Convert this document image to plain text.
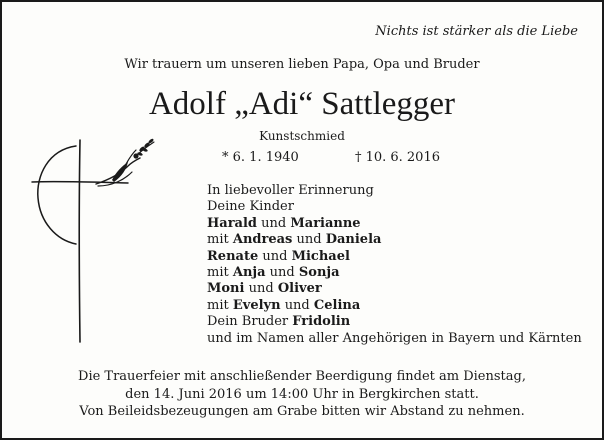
Nichts ist stärker als die Liebe
Wir trauern um unseren lieben Papa, Opa und Bruder
Adolf „Adi“ Sattlegger
Kunstschmied
* 6. 1. 1940	† 10. 6. 2016
In liebevoller Erinnerung
Deine Kinder
Harald und Marianne
mit Andreas und Daniela
Renate und Michael
mit Anja und Sonja
Moni und Oliver
mit Evelyn und Celina
Dein Bruder Fridolin
und im Namen aller Angehörigen in Bayern und Kärnten
Die Trauerfeier mit anschließender Beerdigung findet am Dienstag,
den 14. Juni 2016 um 14:00 Uhr in Bergkirchen statt.
Von Beileidsbezeugungen am Grabe bitten wir Abstand zu nehmen.
